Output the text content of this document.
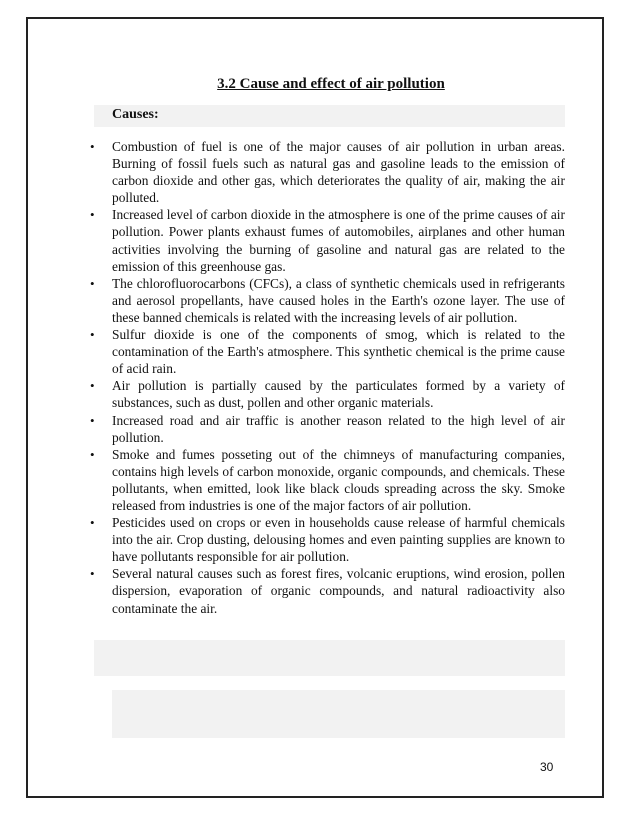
3.2 Cause and effect of air pollution
Causes:
• Combustion of fuel is one of the major causes of air pollution in urban areas. Burning of fossil fuels such as natural gas and gasoline leads to the emission of carbon dioxide and other gas, which deteriorates the quality of air, making the air polluted.
• Increased level of carbon dioxide in the atmosphere is one of the prime causes of air pollution. Power plants exhaust fumes of automobiles, airplanes and other human activities involving the burning of gasoline and natural gas are related to the emission of this greenhouse gas.
• The chlorofluorocarbons (CFCs), a class of synthetic chemicals used in refrigerants and aerosol propellants, have caused holes in the Earth's ozone layer. The use of these banned chemicals is related with the increasing levels of air pollution.
• Sulfur dioxide is one of the components of smog, which is related to the contamination of the Earth's atmosphere. This synthetic chemical is the prime cause of acid rain.
• Air pollution is partially caused by the particulates formed by a variety of substances, such as dust, pollen and other organic materials.
• Increased road and air traffic is another reason related to the high level of air pollution.
• Smoke and fumes posseting out of the chimneys of manufacturing companies, contains high levels of carbon monoxide, organic compounds, and chemicals. These pollutants, when emitted, look like black clouds spreading across the sky. Smoke released from industries is one of the major factors of air pollution.
• Pesticides used on crops or even in households cause release of harmful chemicals into the air. Crop dusting, delousing homes and even painting supplies are known to have pollutants responsible for air pollution.
• Several natural causes such as forest fires, volcanic eruptions, wind erosion, pollen dispersion, evaporation of organic compounds, and natural radioactivity also contaminate the air.
30
